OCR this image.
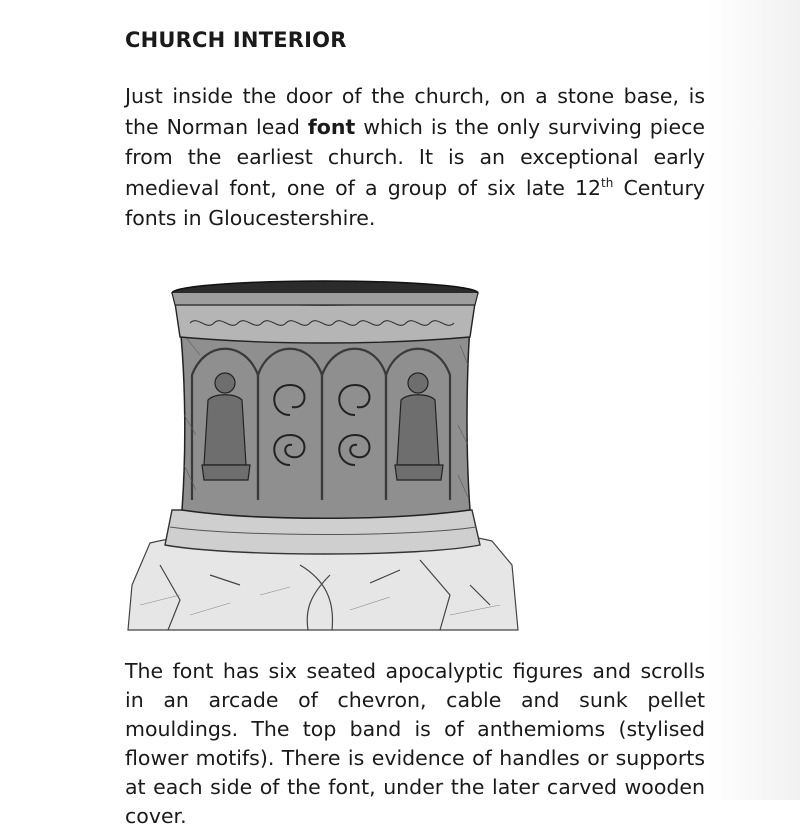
CHURCH INTERIOR

Just inside the door of the church, on a stone base, is the Norman lead font which is the only surviving piece from the earliest church. It is an exceptional early medieval font, one of a group of six late 12th Century fonts in Gloucestershire.

The font has six seated apocalyptic figures and scrolls in an arcade of chevron, cable and sunk pellet mouldings. The top band is of anthemioms (stylised flower motifs). There is evidence of handles or supports at each side of the font, under the later carved wooden cover.
